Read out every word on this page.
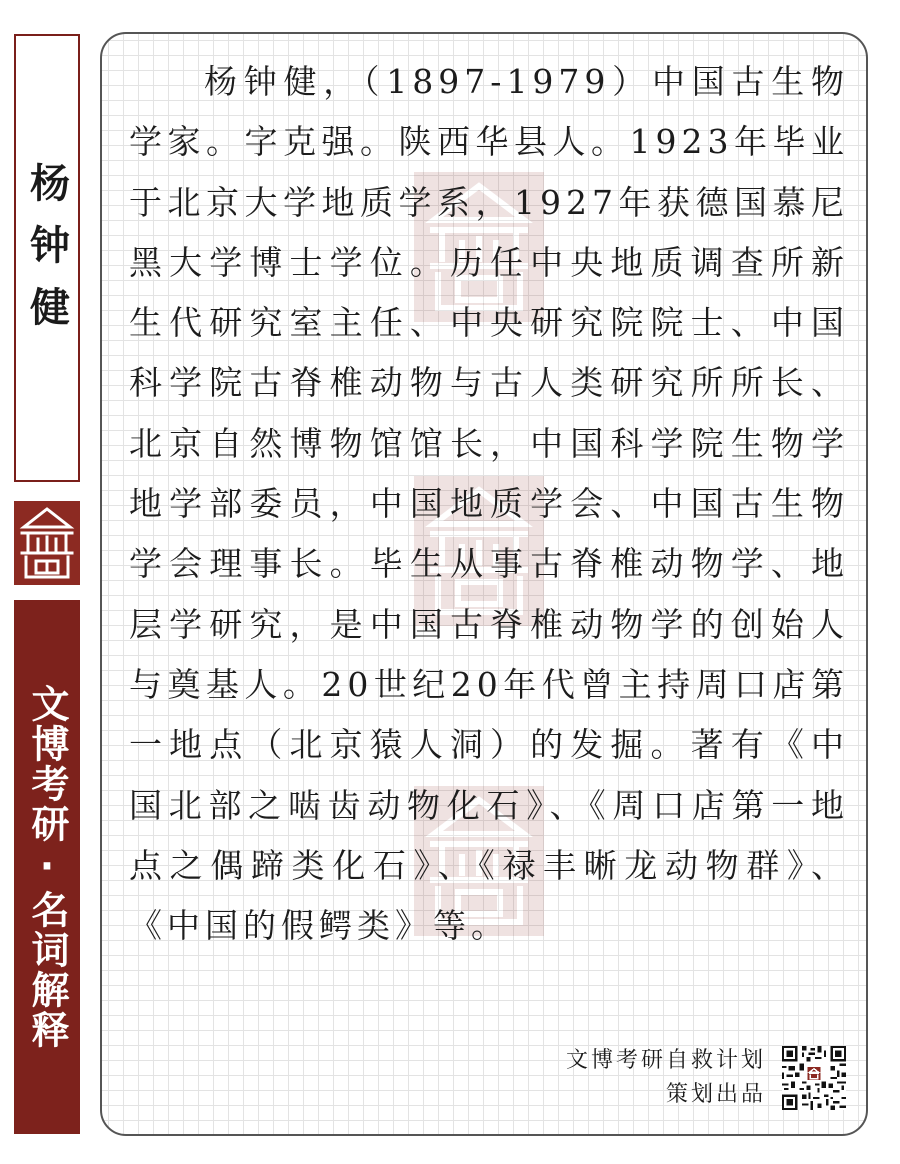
杨钟健
文博考研·名词解释

杨钟健，（1897-1979）中国古生物学家。字克强。陕西华县人。1923年毕业于北京大学地质学系，1927年获德国慕尼黑大学博士学位。历任中央地质调查所新生代研究室主任、中央研究院院士、中国科学院古脊椎动物与古人类研究所所长、北京自然博物馆馆长，中国科学院生物学地学部委员，中国地质学会、中国古生物学会理事长。毕生从事古脊椎动物学、地层学研究，是中国古脊椎动物学的创始人与奠基人。20世纪20年代曾主持周口店第一地点（北京猿人洞）的发掘。著有《中国北部之啮齿动物化石》、《周口店第一地点之偶蹄类化石》、《禄丰晰龙动物群》、《中国的假鳄类》等。

文博考研自救计划
策划出品
